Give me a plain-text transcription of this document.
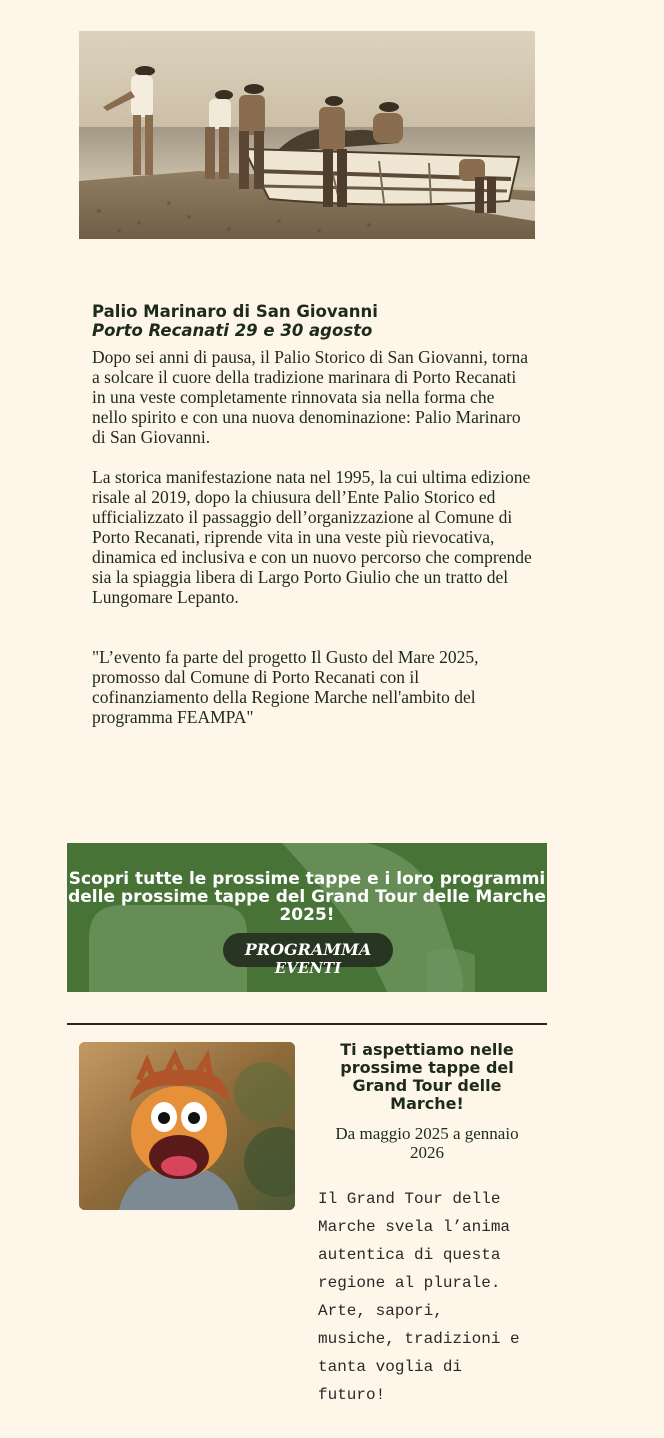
Palio Marinaro di San Giovanni
Porto Recanati 29 e 30 agosto

Dopo sei anni di pausa, il Palio Storico di San Giovanni, torna a solcare il cuore della tradizione marinara di Porto Recanati in una veste completamente rinnovata sia nella forma che nello spirito e con una nuova denominazione: Palio Marinaro di San Giovanni.

La storica manifestazione nata nel 1995, la cui ultima edizione risale al 2019, dopo la chiusura dell’Ente Palio Storico ed ufficializzato il passaggio dell’organizzazione al Comune di Porto Recanati, riprende vita in una veste più rievocativa, dinamica ed inclusiva e con un nuovo percorso che comprende sia la spiaggia libera di Largo Porto Giulio che un tratto del Lungomare Lepanto.

"L’evento fa parte del progetto Il Gusto del Mare 2025, promosso dal Comune di Porto Recanati con il cofinanziamento della Regione Marche nell'ambito del programma FEAMPA"

Scopri tutte le prossime tappe e i loro programmi delle prossime tappe del Grand Tour delle Marche 2025!
PROGRAMMA
EVENTI
Ti aspettiamo nelle prossime tappe del Grand Tour delle Marche!

Da maggio 2025 a gennaio 2026

Il Grand Tour delle Marche svela l’anima autentica di questa regione al plurale. Arte, sapori, musiche, tradizioni e tanta voglia di futuro!
